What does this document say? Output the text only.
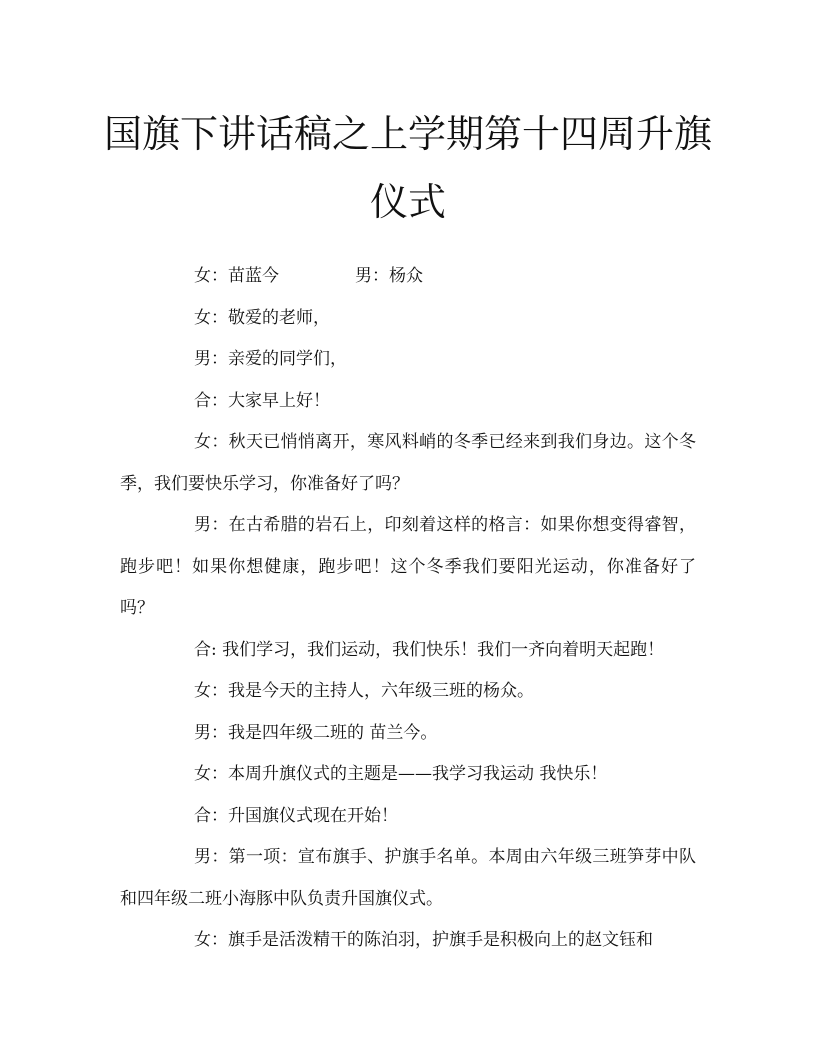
国旗下讲话稿之上学期第十四周升旗
仪式
女：苗蓝今	男：杨众

女：敬爱的老师，

男：亲爱的同学们，

合：大家早上好！

女：秋天已悄悄离开，寒风料峭的冬季已经来到我们身边。这个冬季，我们要快乐学习，你准备好了吗？

男：在古希腊的岩石上，印刻着这样的格言：如果你想变得睿智，跑步吧！如果你想健康，跑步吧！这个冬季我们要阳光运动，你准备好了吗？

合: 我们学习，我们运动，我们快乐！我们一齐向着明天起跑！

女：我是今天的主持人，六年级三班的杨众。

男：我是四年级二班的 苗兰今。

女：本周升旗仪式的主题是——我学习我运动 我快乐！

合：升国旗仪式现在开始！

男：第一项：宣布旗手、护旗手名单。本周由六年级三班笋芽中队和四年级二班小海豚中队负责升国旗仪式。

女：旗手是活泼精干的陈泊羽，护旗手是积极向上的赵文钰和
